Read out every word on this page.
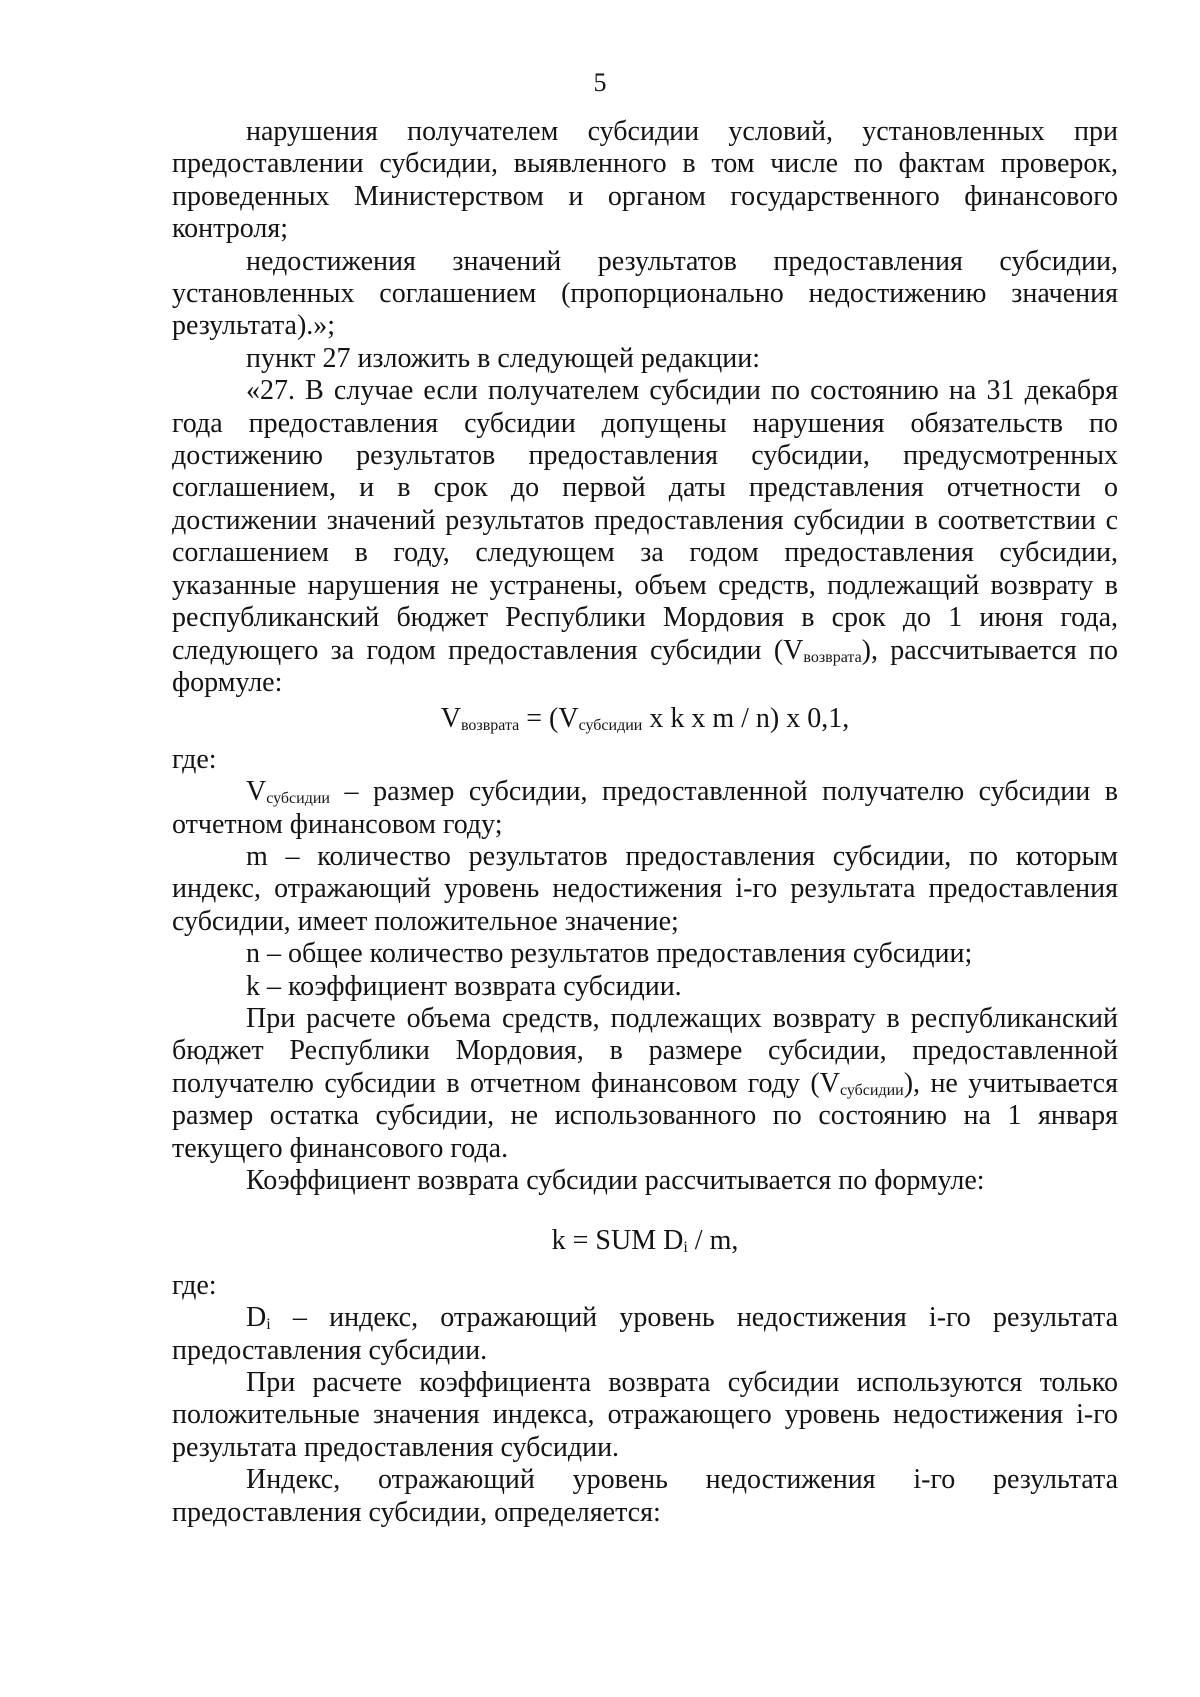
5

нарушения получателем субсидии условий, установленных при предоставлении субсидии, выявленного в том числе по фактам проверок, проведенных Министерством и органом государственного финансового контроля;

недостижения значений результатов предоставления субсидии, установленных соглашением (пропорционально недостижению значения результата).»;

пункт 27 изложить в следующей редакции:

«27. В случае если получателем субсидии по состоянию на 31 декабря года предоставления субсидии допущены нарушения обязательств по достижению результатов предоставления субсидии, предусмотренных соглашением, и в срок до первой даты представления отчетности о достижении значений результатов предоставления субсидии в соответствии с соглашением в году, следующем за годом предоставления субсидии, указанные нарушения не устранены, объем средств, подлежащий возврату в республиканский бюджет Республики Мордовия в срок до 1 июня года, следующего за годом предоставления субсидии $(V_{возврата})$, рассчитывается по формуле:

$V_{возврата} = (V_{субсидии}$ x k x m / n) x 0,1,

где:

$V_{субсидии}$ – размер субсидии, предоставленной получателю субсидии в отчетном финансовом году;

m – количество результатов предоставления субсидии, по которым индекс, отражающий уровень недостижения i-го результата предоставления субсидии, имеет положительное значение;

n – общее количество результатов предоставления субсидии;

k – коэффициент возврата субсидии.

При расчете объема средств, подлежащих возврату в республиканский бюджет Республики Мордовия, в размере субсидии, предоставленной получателю субсидии в отчетном финансовом году $(V_{субсидии})$, не учитывается размер остатка субсидии, не использованного по состоянию на 1 января текущего финансового года.

Коэффициент возврата субсидии рассчитывается по формуле:

k = SUM $D_i$ / m,

где:

$D_i$ – индекс, отражающий уровень недостижения i-го результата предоставления субсидии.

При расчете коэффициента возврата субсидии используются только положительные значения индекса, отражающего уровень недостижения i-го результата предоставления субсидии.

Индекс, отражающий уровень недостижения i-го результата предоставления субсидии, определяется:
